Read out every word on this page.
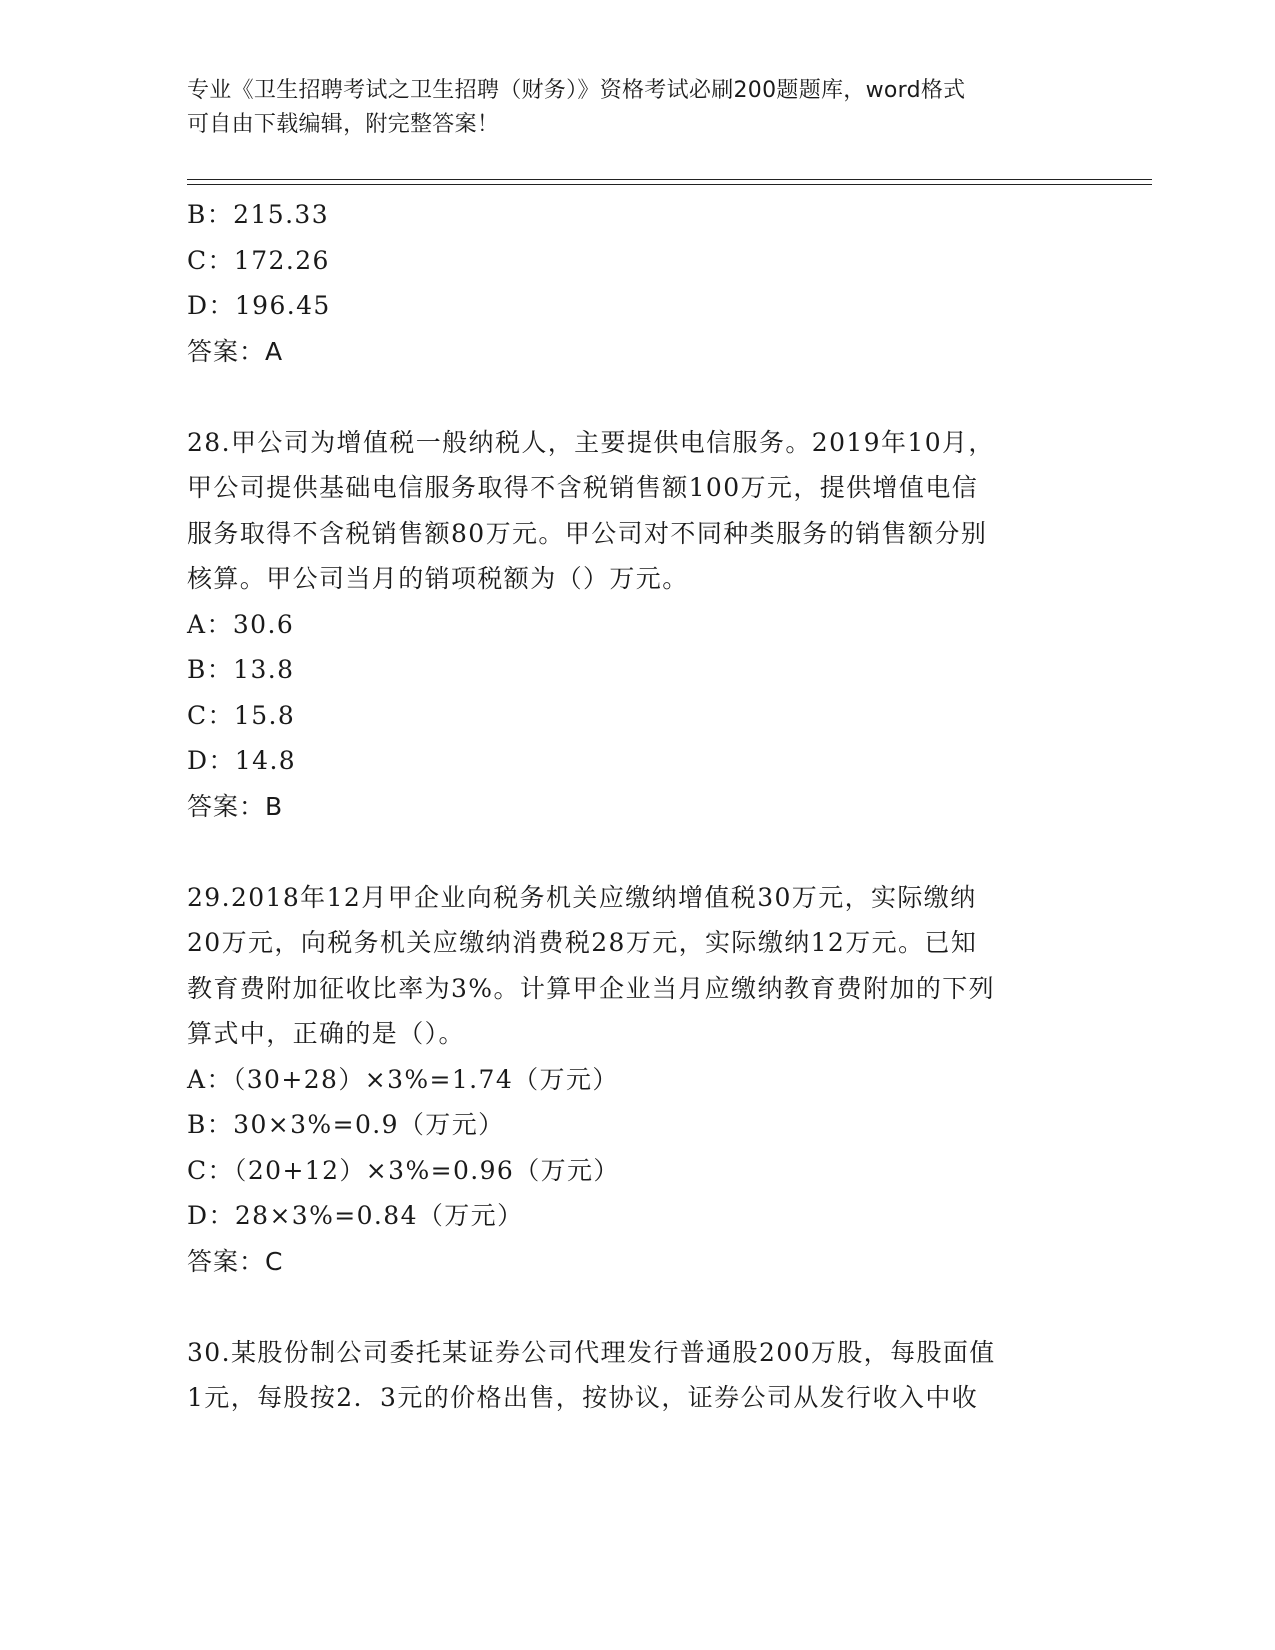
专业《卫生招聘考试之卫生招聘（财务）》资格考试必刷200题题库，word格式
可自由下载编辑，附完整答案！
B：215.33
C：172.26
D：196.45
答案：A
28.甲公司为增值税一般纳税人，主要提供电信服务。2019年10月，
甲公司提供基础电信服务取得不含税销售额100万元，提供增值电信
服务取得不含税销售额80万元。甲公司对不同种类服务的销售额分别
核算。甲公司当月的销项税额为（）万元。
A：30.6
B：13.8
C：15.8
D：14.8
答案：B
29.2018年12月甲企业向税务机关应缴纳增值税30万元，实际缴纳
20万元，向税务机关应缴纳消费税28万元，实际缴纳12万元。已知
教育费附加征收比率为3%。计算甲企业当月应缴纳教育费附加的下列
算式中，正确的是（）。
A：（30+28）×3%=1.74（万元）
B：30×3%=0.9（万元）
C：（20+12）×3%=0.96（万元）
D：28×3%=0.84（万元）
答案：C
30.某股份制公司委托某证券公司代理发行普通股200万股，每股面值
1元，每股按2．3元的价格出售，按协议，证券公司从发行收入中收
